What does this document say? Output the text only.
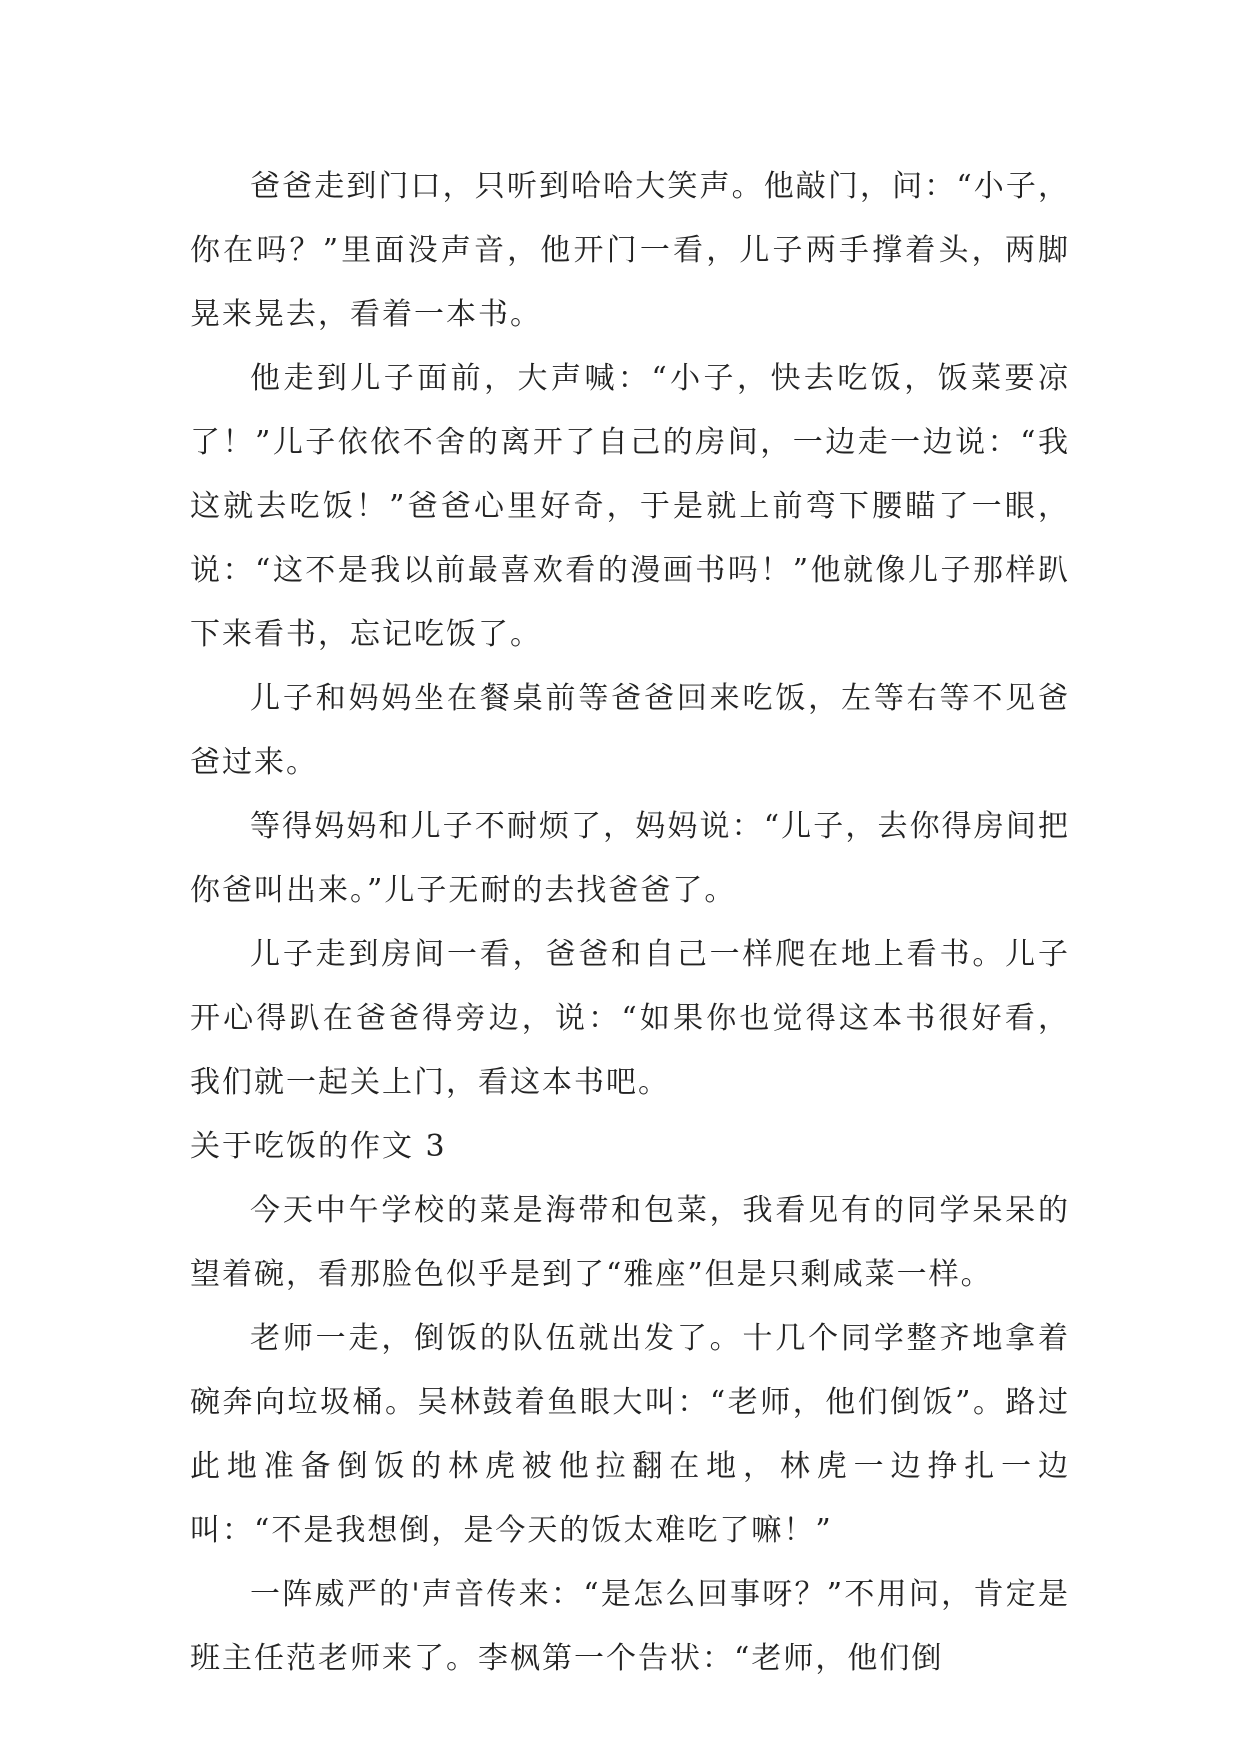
爸爸走到门口，只听到哈哈大笑声。他敲门，问：“小子，你在吗？”里面没声音，他开门一看，儿子两手撑着头，两脚晃来晃去，看着一本书。

他走到儿子面前，大声喊：“小子，快去吃饭，饭菜要凉了！”儿子依依不舍的离开了自己的房间，一边走一边说：“我这就去吃饭！”爸爸心里好奇，于是就上前弯下腰瞄了一眼，说：“这不是我以前最喜欢看的漫画书吗！”他就像儿子那样趴下来看书，忘记吃饭了。

儿子和妈妈坐在餐桌前等爸爸回来吃饭，左等右等不见爸爸过来。

等得妈妈和儿子不耐烦了，妈妈说：“儿子，去你得房间把你爸叫出来。”儿子无耐的去找爸爸了。

儿子走到房间一看，爸爸和自己一样爬在地上看书。儿子开心得趴在爸爸得旁边，说：“如果你也觉得这本书很好看，我们就一起关上门，看这本书吧。

关于吃饭的作文 3

今天中午学校的菜是海带和包菜，我看见有的同学呆呆的望着碗，看那脸色似乎是到了“雅座”但是只剩咸菜一样。

老师一走，倒饭的队伍就出发了。十几个同学整齐地拿着碗奔向垃圾桶。吴林鼓着鱼眼大叫：“老师，他们倒饭”。路过此地准备倒饭的林虎被他拉翻在地，林虎一边挣扎一边叫：“不是我想倒，是今天的饭太难吃了嘛！”

一阵威严的'声音传来：“是怎么回事呀？”不用问，肯定是班主任范老师来了。李枫第一个告状：“老师，他们倒
